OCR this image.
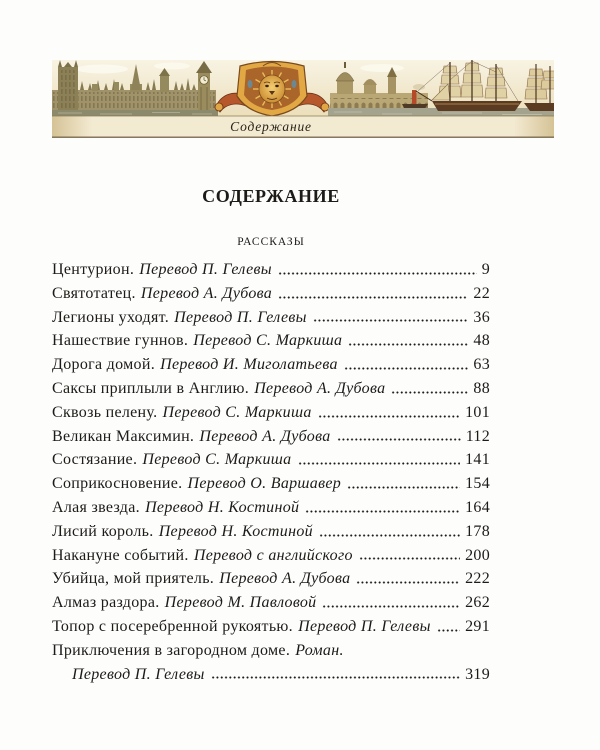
Содержание
СОДЕРЖАНИЕ
РАССКАЗЫ
Центурион. Перевод П. Гелевы	9
Святотатец. Перевод А. Дубова	22
Легионы уходят. Перевод П. Гелевы	36
Нашествие гуннов. Перевод С. Маркиша	48
Дорога домой. Перевод И. Миголатьева	63
Саксы приплыли в Англию. Перевод А. Дубова	88
Сквозь пелену. Перевод С. Маркиша	101
Великан Максимин. Перевод А. Дубова	112
Состязание. Перевод С. Маркиша	141
Соприкосновение. Перевод О. Варшавер	154
Алая звезда. Перевод Н. Костиной	164
Лисий король. Перевод Н. Костиной	178
Накануне событий. Перевод с английского	200
Убийца, мой приятель. Перевод А. Дубова	222
Алмаз раздора. Перевод М. Павловой	262
Топор с посеребренной рукоятью. Перевод П. Гелевы 291
Приключения в загородном доме. Роман.
Перевод П. Гелевы	319
